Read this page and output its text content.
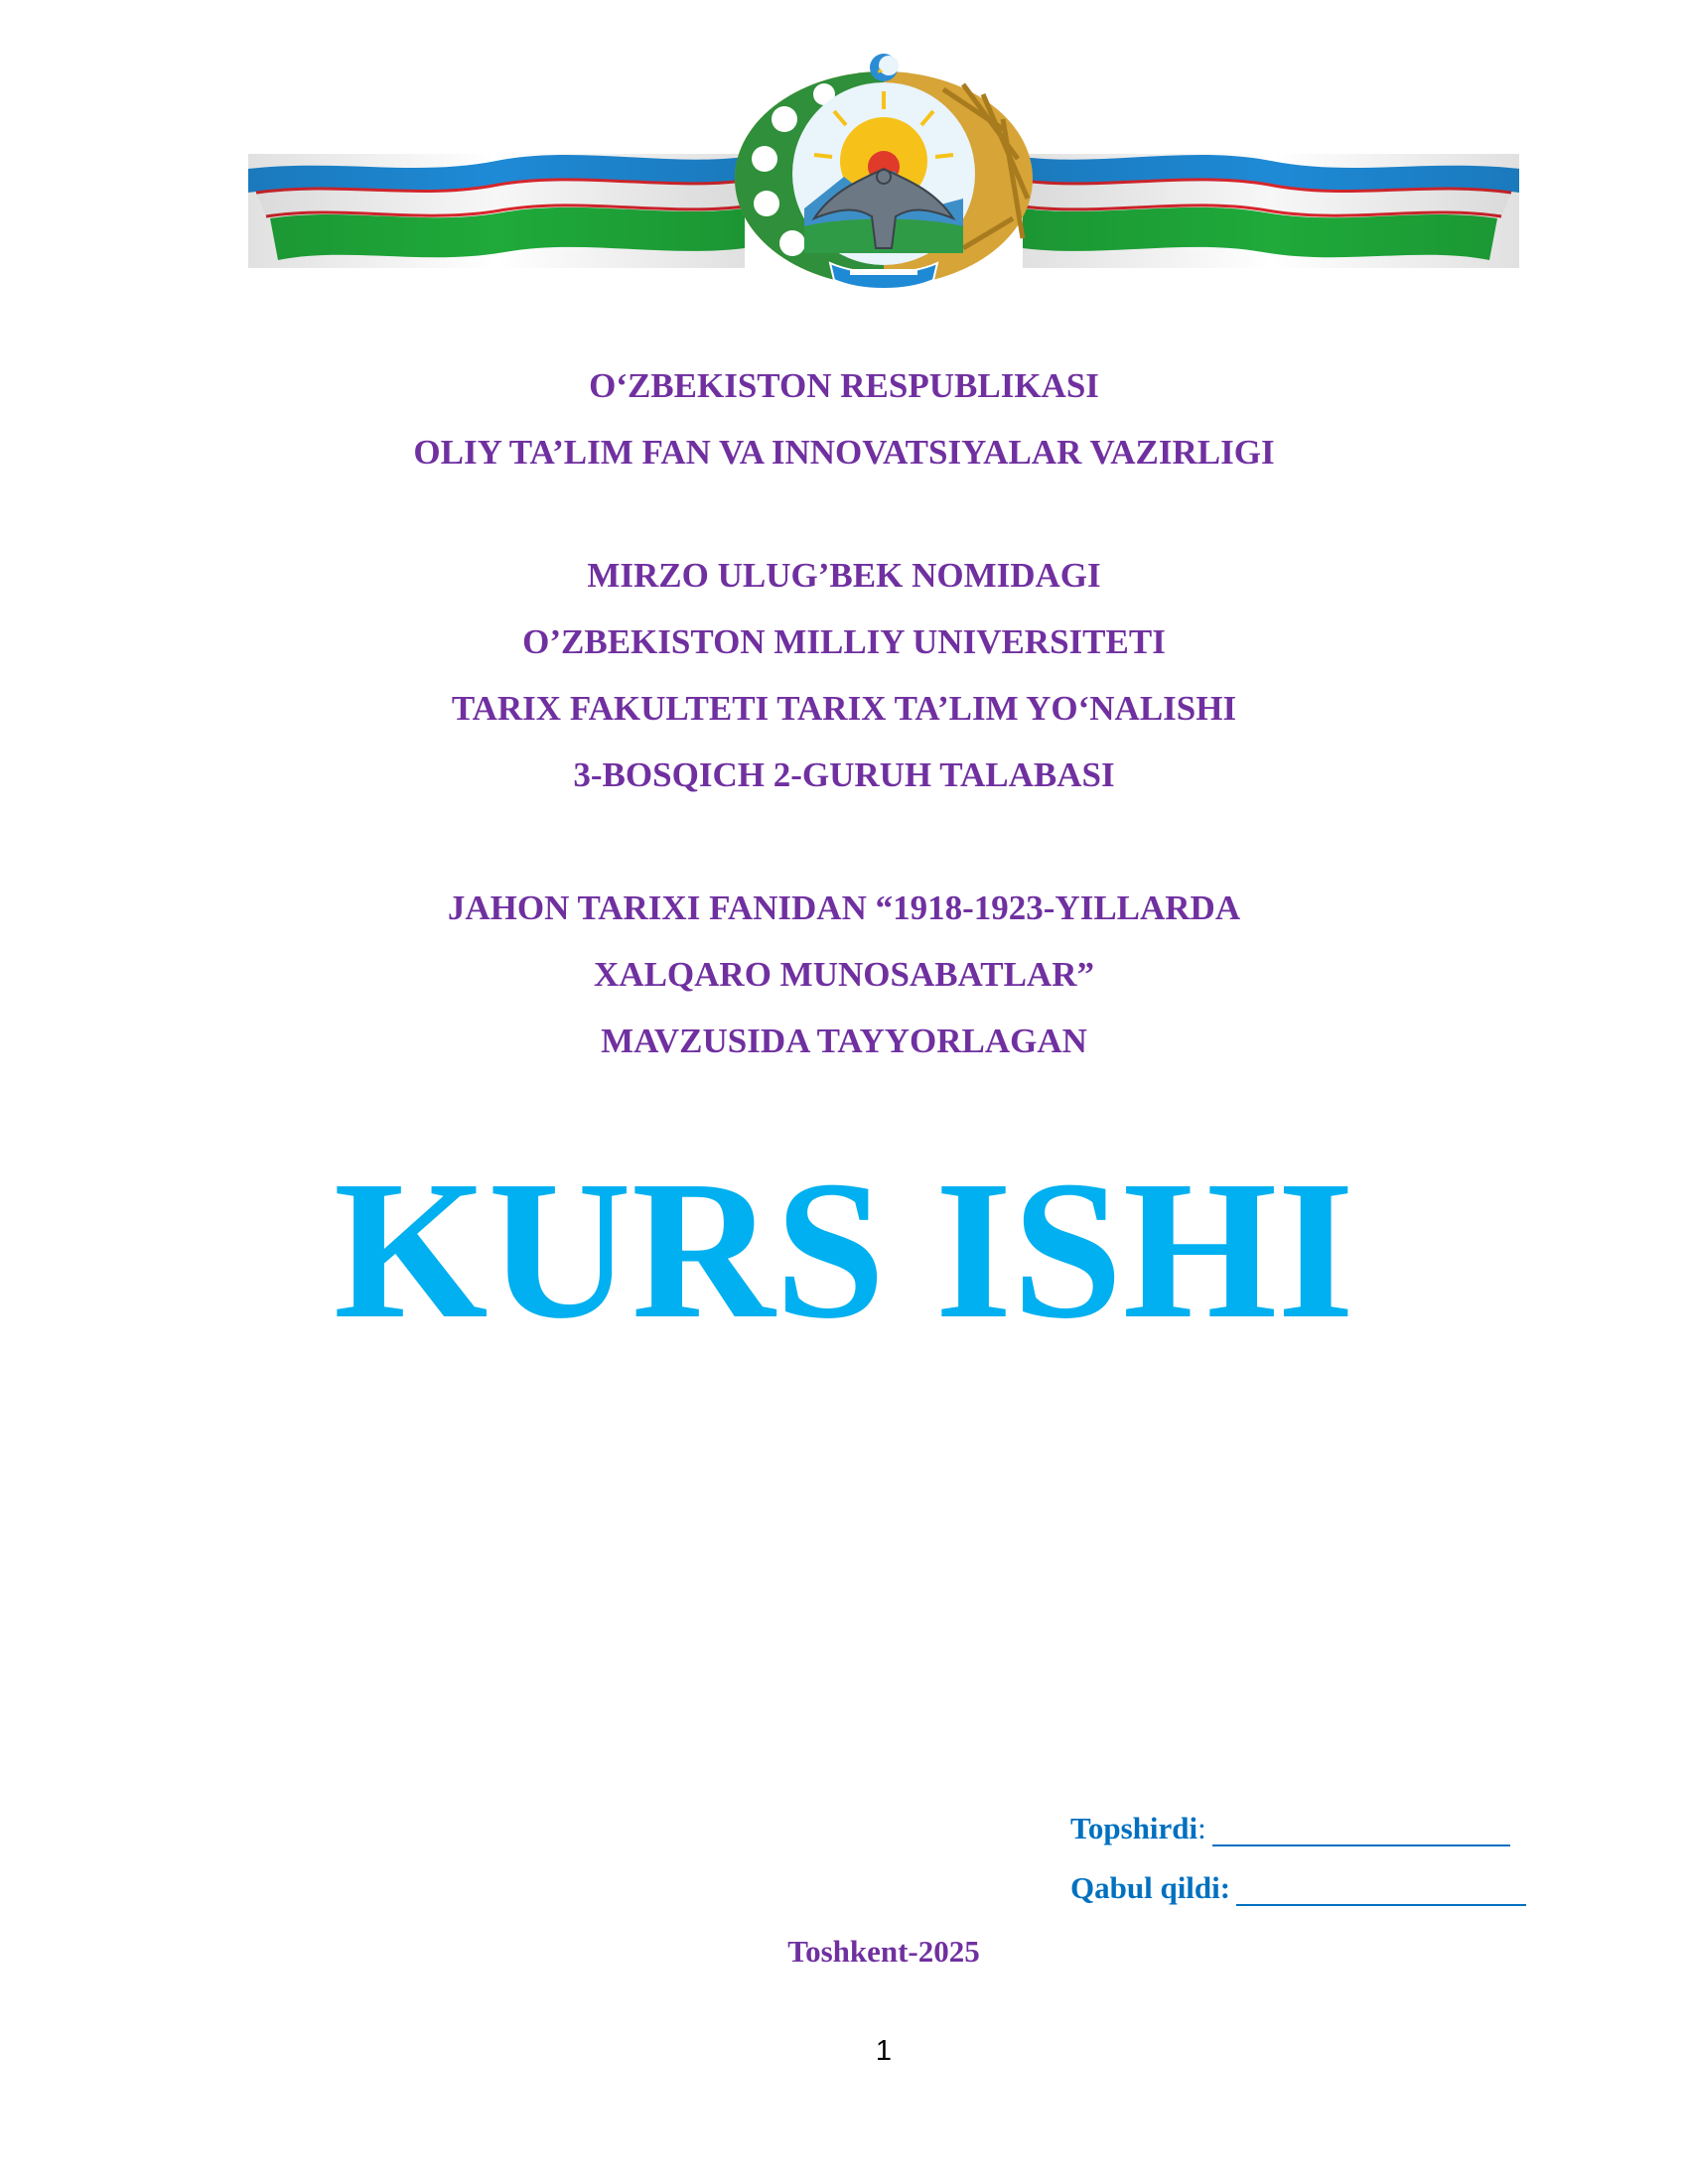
O‘ZBEKISTON RESPUBLIKASI
OLIY TA’LIM FAN VA INNOVATSIYALAR VAZIRLIGI
MIRZO ULUG’BEK NOMIDAGI
O’ZBEKISTON MILLIY UNIVERSITETI
TARIX FAKULTETI TARIX TA’LIM YO‘NALISHI
3-BOSQICH 2-GURUH TALABASI
JAHON TARIXI FANIDAN “1918-1923-YILLARDA
XALQARO MUNOSABATLAR”
MAVZUSIDA TAYYORLAGAN
KURS ISHI
Topshirdi:
Qabul qildi:
Toshkent-2025
1
